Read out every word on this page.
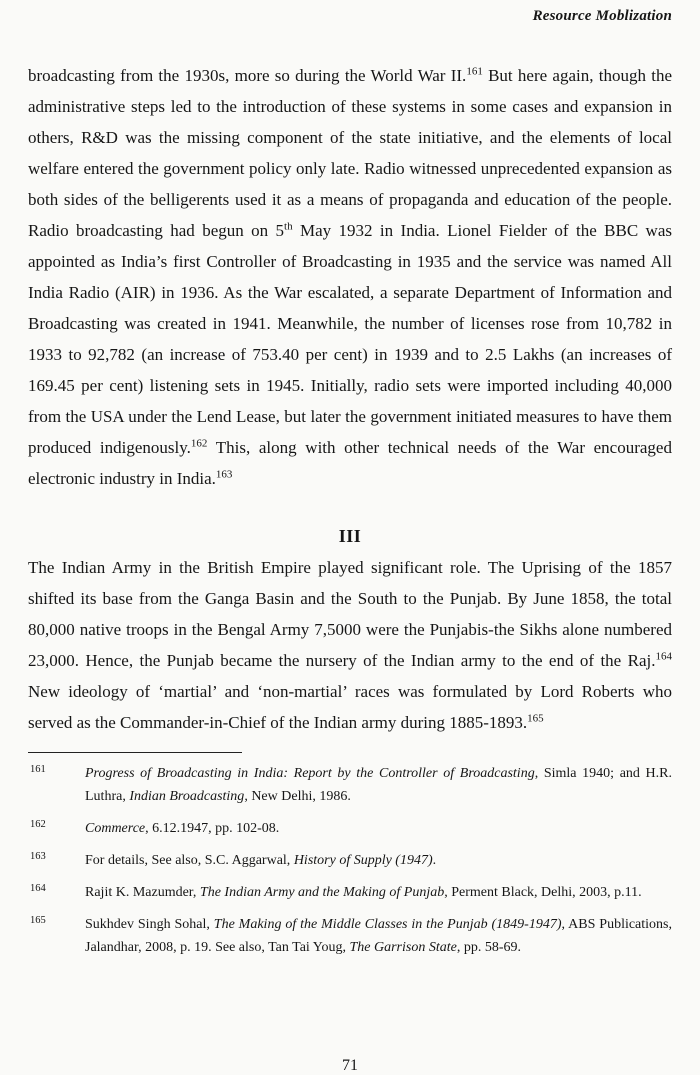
Resource Moblization

broadcasting from the 1930s, more so during the World War II.$^{161}$ But here again, though the administrative steps led to the introduction of these systems in some cases and expansion in others, R&D was the missing component of the state initiative, and the elements of local welfare entered the government policy only late. Radio witnessed unprecedented expansion as both sides of the belligerents used it as a means of propaganda and education of the people. Radio broadcasting had begun on 5th May 1932 in India. Lionel Fielder of the BBC was appointed as India’s first Controller of Broadcasting in 1935 and the service was named All India Radio (AIR) in 1936. As the War escalated, a separate Department of Information and Broadcasting was created in 1941. Meanwhile, the number of licenses rose from 10,782 in 1933 to 92,782 (an increase of 753.40 per cent) in 1939 and to 2.5 Lakhs (an increases of 169.45 per cent) listening sets in 1945. Initially, radio sets were imported including 40,000 from the USA under the Lend Lease, but later the government initiated measures to have them produced indigenously.$^{162}$ This, along with other technical needs of the War encouraged electronic industry in India.$^{163}$

III

The Indian Army in the British Empire played significant role. The Uprising of the 1857 shifted its base from the Ganga Basin and the South to the Punjab. By June 1858, the total 80,000 native troops in the Bengal Army 7,5000 were the Punjabis-the Sikhs alone numbered 23,000. Hence, the Punjab became the nursery of the Indian army to the end of the Raj.$^{164}$ New ideology of ‘martial’ and ‘non-martial’ races was formulated by Lord Roberts who served as the Commander-in-Chief of the Indian army during 1885-1893.$^{165}$

161	Progress of Broadcasting in India: Report by the Controller of Broadcasting, Simla 1940; and H.R. Luthra, Indian Broadcasting, New Delhi, 1986.
162	Commerce, 6.12.1947, pp. 102-08.
163	For details, See also, S.C. Aggarwal, History of Supply (1947).
164	Rajit K. Mazumder, The Indian Army and the Making of Punjab, Perment Black, Delhi, 2003, p.11.
165	Sukhdev Singh Sohal, The Making of the Middle Classes in the Punjab (1849-1947), ABS Publications, Jalandhar, 2008, p. 19. See also, Tan Tai Youg, The Garrison State, pp. 58-69.
71
